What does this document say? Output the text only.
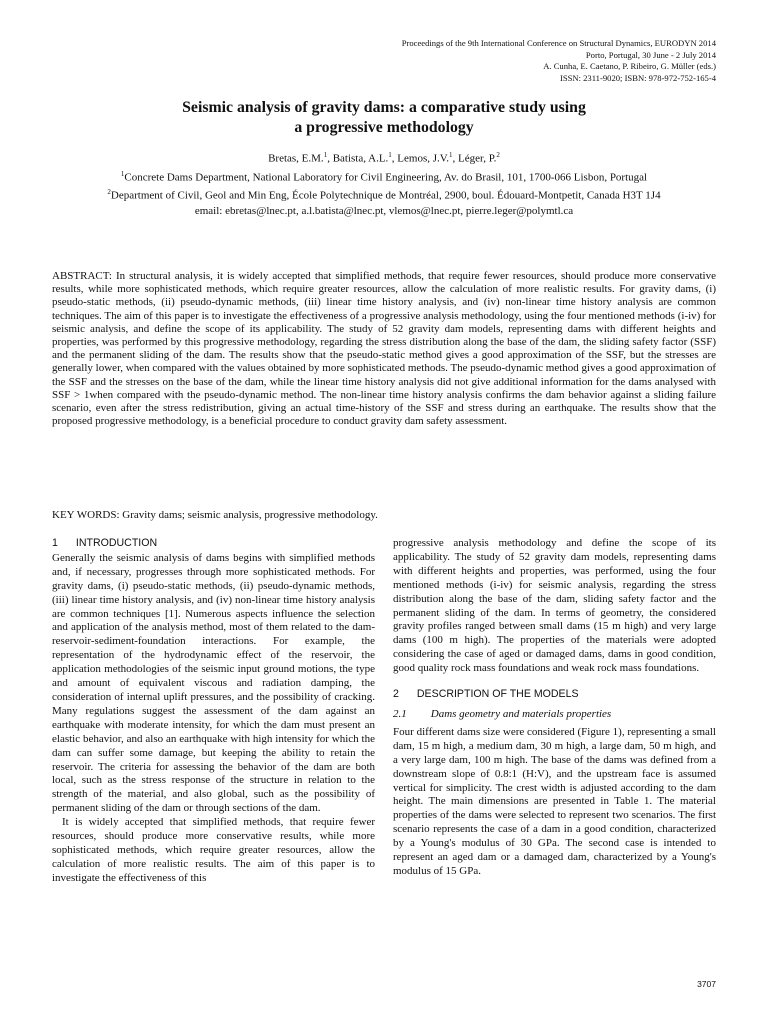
Proceedings of the 9th International Conference on Structural Dynamics, EURODYN 2014
Porto, Portugal, 30 June - 2 July 2014
A. Cunha, E. Caetano, P. Ribeiro, G. Müller (eds.)
ISSN: 2311-9020; ISBN: 978-972-752-165-4
Seismic analysis of gravity dams: a comparative study using
a progressive methodology
Bretas, E.M.$^1$, Batista, A.L.$^1$, Lemos, J.V.$^1$, Léger, P.$^2$
$^1$Concrete Dams Department, National Laboratory for Civil Engineering, Av. do Brasil, 101, 1700-066 Lisbon, Portugal
$^2$Department of Civil, Geol and Min Eng, École Polytechnique de Montréal, 2900, boul. Édouard-Montpetit, Canada H3T 1J4
email: ebretas@lnec.pt, a.l.batista@lnec.pt, vlemos@lnec.pt, pierre.leger@polymtl.ca

ABSTRACT: In structural analysis, it is widely accepted that simplified methods, that require fewer resources, should produce more conservative results, while more sophisticated methods, which require greater resources, allow the calculation of more realistic results. For gravity dams, (i) pseudo-static methods, (ii) pseudo-dynamic methods, (iii) linear time history analysis, and (iv) non-linear time history analysis are common techniques. The aim of this paper is to investigate the effectiveness of a progressive analysis methodology, using the four mentioned methods (i-iv) for seismic analysis, and define the scope of its applicability. The study of 52 gravity dam models, representing dams with different heights and properties, was performed by this progressive methodology, regarding the stress distribution along the base of the dam, the sliding safety factor (SSF) and the permanent sliding of the dam. The results show that the pseudo-static method gives a good approximation of the SSF, but the stresses are generally lower, when compared with the values obtained by more sophisticated methods. The pseudo-dynamic method gives a good approximation of the SSF and the stresses on the base of the dam, while the linear time history analysis did not give additional information for the dams analysed with SSF > 1when compared with the pseudo-dynamic method. The non-linear time history analysis confirms the dam behavior against a sliding failure scenario, even after the stress redistribution, giving an actual time-history of the SSF and stress during an earthquake. The results show that the proposed progressive methodology, is a beneficial procedure to conduct gravity dam safety assessment.

KEY WORDS: Gravity dams; seismic analysis, progressive methodology.

1 INTRODUCTION

Generally the seismic analysis of dams begins with simplified methods and, if necessary, progresses through more sophisticated methods. For gravity dams, (i) pseudo-static methods, (ii) pseudo-dynamic methods, (iii) linear time history analysis, and (iv) non-linear time history analysis are common techniques [1]. Numerous aspects influence the selection and application of the analysis method, most of them related to the dam-reservoir-sediment-foundation interactions. For example, the representation of the hydrodynamic effect of the reservoir, the application methodologies of the seismic input ground motions, the type and amount of equivalent viscous and radiation damping, the consideration of internal uplift pressures, and the possibility of cracking. Many regulations suggest the assessment of the dam against an earthquake with moderate intensity, for which the dam must present an elastic behavior, and also an earthquake with high intensity for which the dam can suffer some damage, but keeping the ability to retain the reservoir. The criteria for assessing the behavior of the dam are both local, such as the stress response of the structure in relation to the strength of the material, and also global, such as the possibility of permanent sliding of the dam or through sections of the dam.

It is widely accepted that simplified methods, that require fewer resources, should produce more conservative results, while more sophisticated methods, which require greater resources, allow the calculation of more realistic results. The aim of this paper is to investigate the effectiveness of this

progressive analysis methodology and define the scope of its applicability. The study of 52 gravity dam models, representing dams with different heights and properties, was performed, using the four mentioned methods (i-iv) for seismic analysis, regarding the stress distribution along the base of the dam, sliding safety factor and the permanent sliding of the dam. In terms of geometry, the considered gravity profiles ranged between small dams (15 m high) and very large dams (100 m high). The properties of the materials were adopted considering the case of aged or damaged dams, dams in good condition, good quality rock mass foundations and weak rock mass foundations.

2 DESCRIPTION OF THE MODELS
2.1 Dams geometry and materials properties

Four different dams size were considered (Figure 1), representing a small dam, 15 m high, a medium dam, 30 m high, a large dam, 50 m high, and a very large dam, 100 m high. The base of the dams was defined from a downstream slope of 0.8:1 (H:V), and the upstream face is assumed vertical for simplicity. The crest width is adjusted according to the dam height. The main dimensions are presented in Table 1. The material properties of the dams were selected to represent two scenarios. The first scenario represents the case of a dam in a good condition, characterized by a Young's modulus of 30 GPa. The second case is intended to represent an aged dam or a damaged dam, characterized by a Young's modulus of 15 GPa.

3707
